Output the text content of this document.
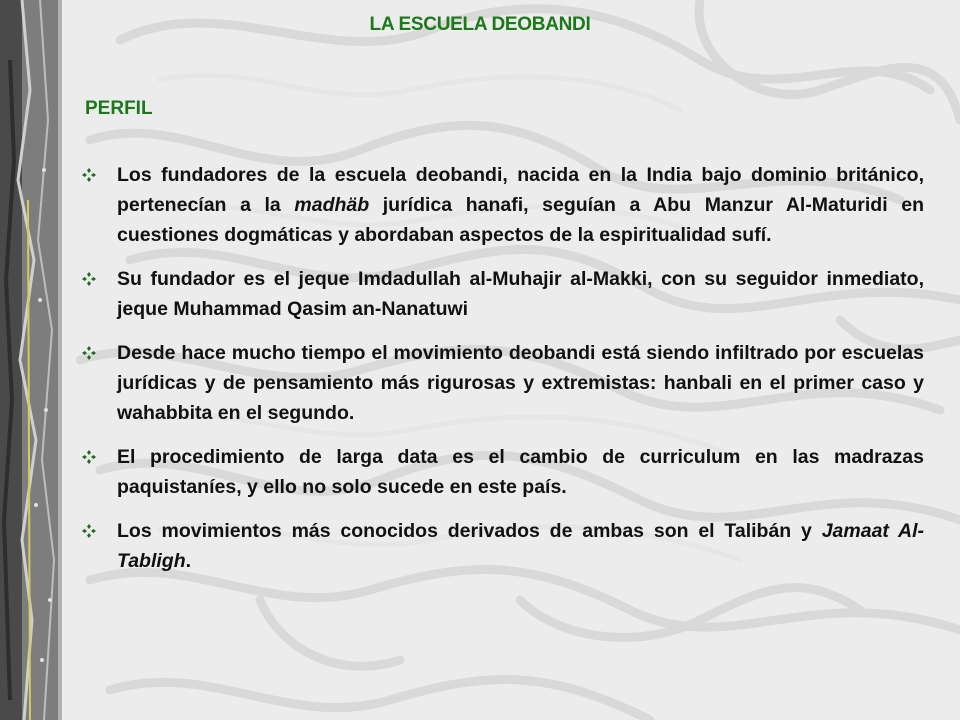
LA ESCUELA DEOBANDI
PERFIL
Los fundadores de la escuela deobandi, nacida en la India bajo dominio británico, pertenecían a la madhäb jurídica hanafi, seguían a Abu Manzur Al-Maturidi en cuestiones dogmáticas y abordaban aspectos de la espiritualidad sufí.
Su fundador es el jeque Imdadullah al-Muhajir al-Makki, con su seguidor inmediato, jeque Muhammad Qasim an-Nanatuwi
Desde hace mucho tiempo el movimiento deobandi está siendo infiltrado por escuelas jurídicas y de pensamiento más rigurosas y extremistas: hanbali en el primer caso y wahabbita en el segundo.
El procedimiento de larga data es el cambio de curriculum en las madrazas paquistaníes, y ello no solo sucede en este país.
Los movimientos más conocidos derivados de ambas son el Talibán y Jamaat Al-Tabligh.
